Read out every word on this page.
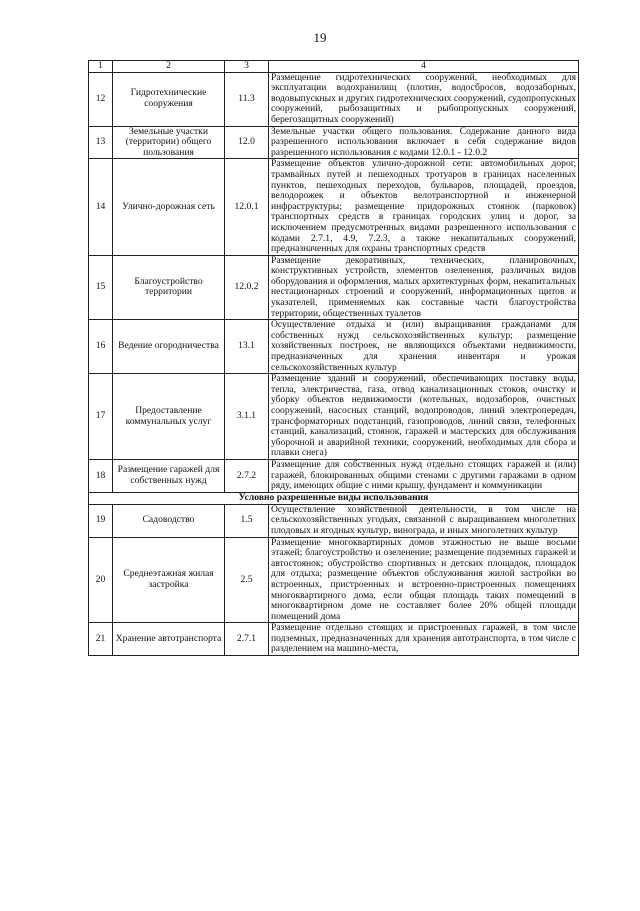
19
1	2	3	4
12	Гидротехнические сооружения	11.3	Размещение гидротехнических сооружений, необходимых для эксплуатации водохранилищ (плотин, водосбросов, водозаборных, водовыпускных и других гидротехнических сооружений, судопропускных сооружений, рыбозащитных и рыбопропускных сооружений, берегозащитных сооружений)
13	Земельные участки (территории) общего пользования	12.0	Земельные участки общего пользования. Содержание данного вида разрешенного использования включает в себя содержание видов разрешенного использования с кодами 12.0.1 - 12.0.2
14	Улично-дорожная сеть	12.0.1	Размещение объектов улично-дорожной сети: автомобильных дорог, трамвайных путей и пешеходных тротуаров в границах населенных пунктов, пешеходных переходов, бульваров, площадей, проездов, велодорожек и объектов велотранспортной и инженерной инфраструктуры; размещение придорожных стоянок (парковок) транспортных средств в границах городских улиц и дорог, за исключением предусмотренных видами разрешенного использования с кодами 2.7.1, 4.9, 7.2.3, а также некапитальных сооружений, предназначенных для охраны транспортных средств
15	Благоустройство территории	12.0.2	Размещение декоративных, технических, планировочных, конструктивных устройств, элементов озеленения, различных видов оборудования и оформления, малых архитектурных форм, некапитальных нестационарных строений и сооружений, информационных щитов и указателей, применяемых как составные части благоустройства территории, общественных туалетов
16	Ведение огородничества	13.1	Осуществление отдыха и (или) выращивания гражданами для собственных нужд сельскохозяйственных культур; размещение хозяйственных построек, не являющихся объектами недвижимости, предназначенных для хранения инвентаря и урожая сельскохозяйственных культур
17	Предоставление коммунальных услуг	3.1.1	Размещение зданий и сооружений, обеспечивающих поставку воды, тепла, электричества, газа, отвод канализационных стоков, очистку и уборку объектов недвижимости (котельных, водозаборов, очистных сооружений, насосных станций, водопроводов, линий электропередач, трансформаторных подстанций, газопроводов, линий связи, телефонных станций, канализаций, стоянок, гаражей и мастерских для обслуживания уборочной и аварийной техники, сооружений, необходимых для сбора и плавки снега)
18	Размещение гаражей для собственных нужд	2.7.2	Размещение для собственных нужд отдельно стоящих гаражей и (или) гаражей, блокированных общими стенами с другими гаражами в одном ряду, имеющих общие с ними крышу, фундамент и коммуникации
Условно разрешенные виды использования			
19	Садоводство	1.5	Осуществление хозяйственной деятельности, в том числе на сельскохозяйственных угодьях, связанной с выращиванием многолетних плодовых и ягодных культур, винограда, и иных многолетних культур
20	Среднеэтажная жилая застройка	2.5	Размещение многоквартирных домов этажностью не выше восьми этажей; благоустройство и озеленение; размещение подземных гаражей и автостоянок; обустройство спортивных и детских площадок, площадок для отдыха; размещение объектов обслуживания жилой застройки во встроенных, пристроенных и встроенно-пристроенных помещениях многоквартирного дома, если общая площадь таких помещений в многоквартирном доме не составляет более 20% общей площади помещений дома
21	Хранение автотранспорта	2.7.1	Размещение отдельно стоящих и пристроенных гаражей, в том числе подземных, предназначенных для хранения автотранспорта, в том числе с разделением на машино-места,
